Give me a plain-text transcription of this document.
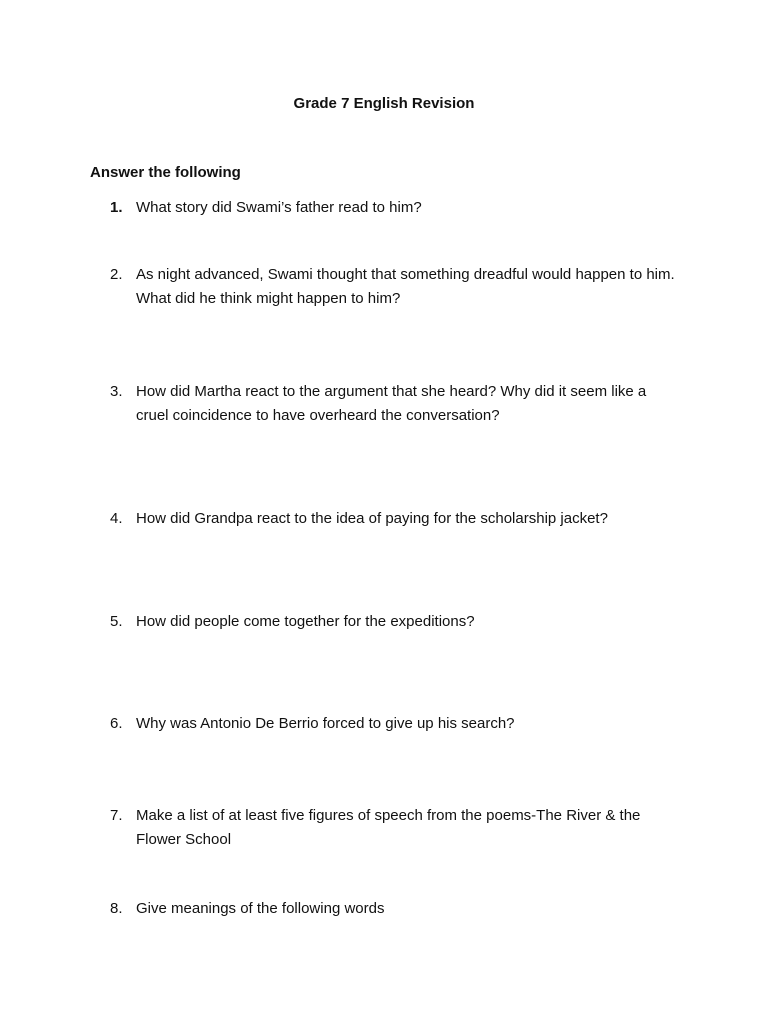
Grade 7 English Revision
Answer the following
1. What story did Swami’s father read to him?
2. As night advanced, Swami thought that something dreadful would happen to him. What did he think might happen to him?
3. How did Martha react to the argument that she heard? Why did it seem like a cruel coincidence to have overheard the conversation?
4. How did Grandpa react to the idea of paying for the scholarship jacket?
5. How did people come together for the expeditions?
6. Why was Antonio De Berrio forced to give up his search?
7. Make a list of at least five figures of speech from the poems-The River & the Flower School
8. Give meanings of the following words
